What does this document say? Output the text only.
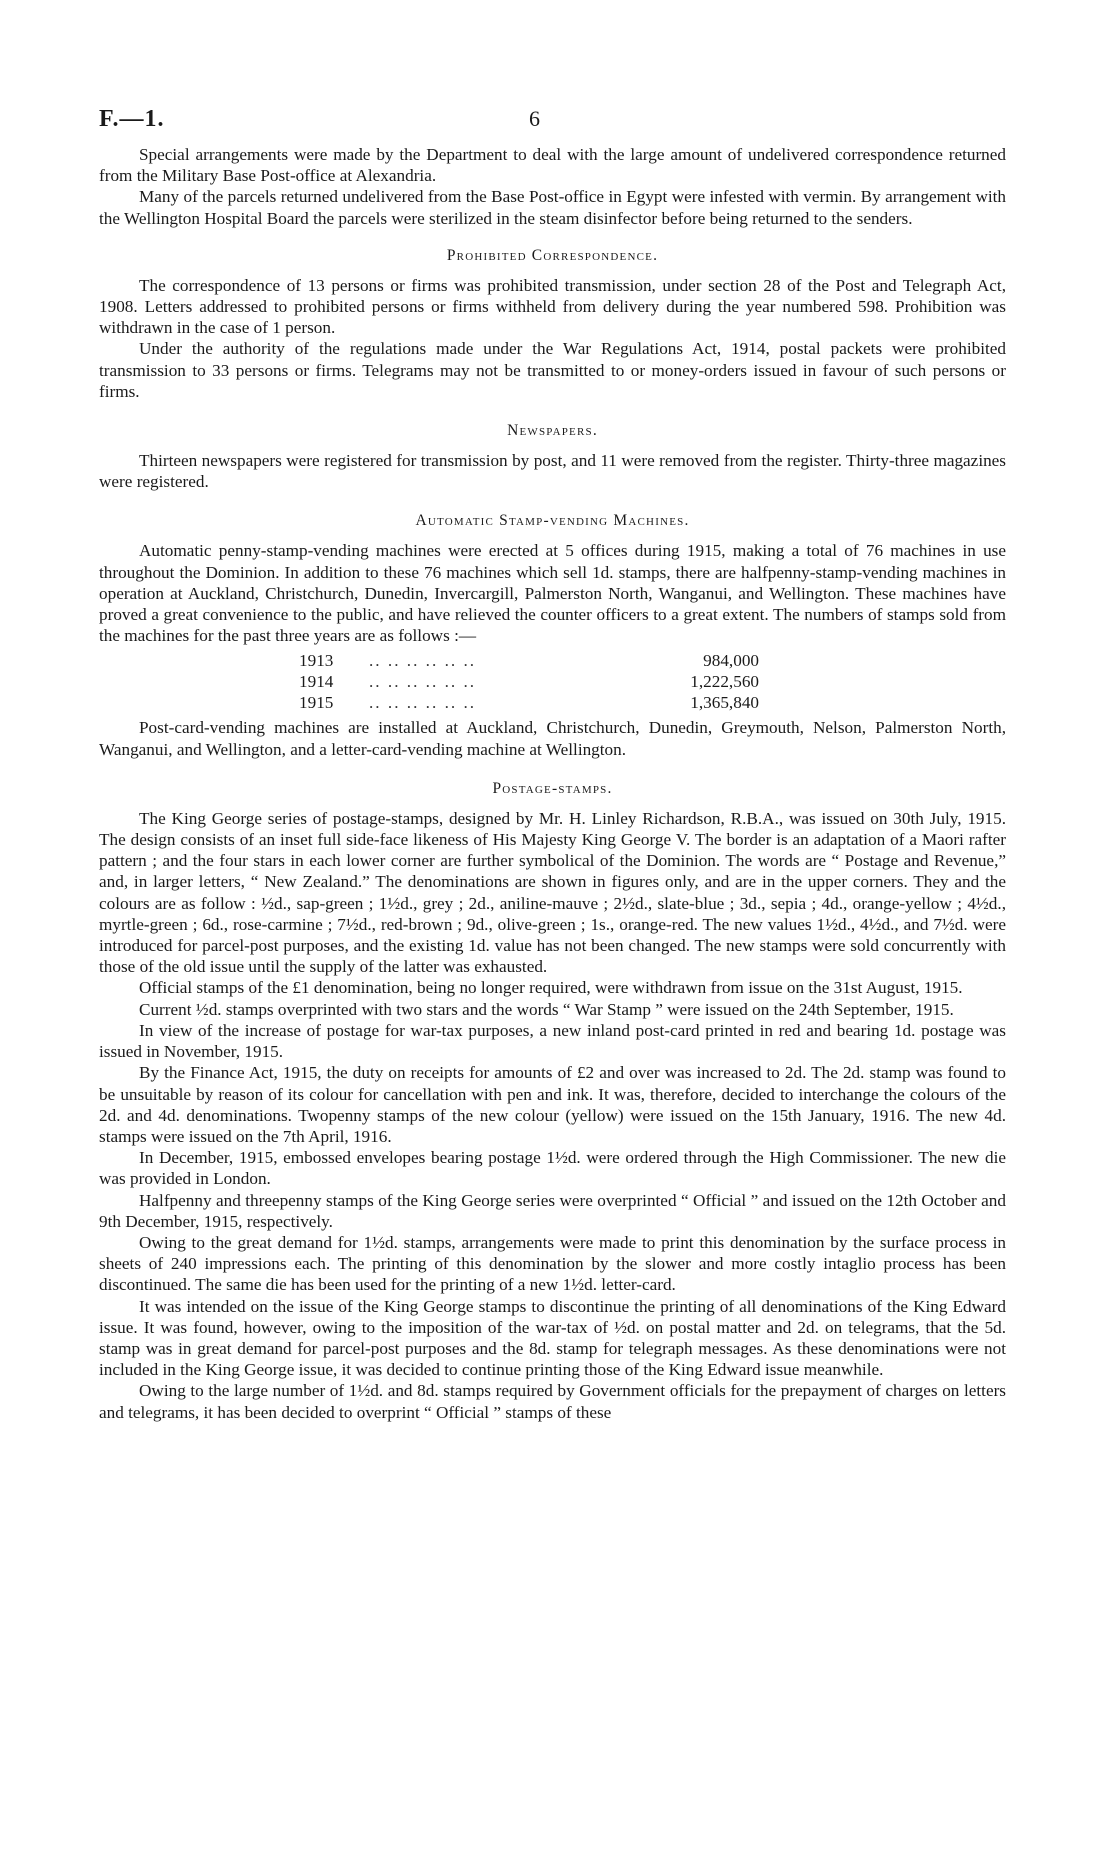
F.—1.	6

Special arrangements were made by the Department to deal with the large amount of undelivered correspondence returned from the Military Base Post-office at Alexandria.

Many of the parcels returned undelivered from the Base Post-office in Egypt were infested with vermin. By arrangement with the Wellington Hospital Board the parcels were sterilized in the steam disinfector before being returned to the senders.

Prohibited Correspondence.

The correspondence of 13 persons or firms was prohibited transmission, under section 28 of the Post and Telegraph Act, 1908. Letters addressed to prohibited persons or firms withheld from delivery during the year numbered 598. Prohibition was withdrawn in the case of 1 person.

Under the authority of the regulations made under the War Regulations Act, 1914, postal packets were prohibited transmission to 33 persons or firms. Telegrams may not be transmitted to or money-orders issued in favour of such persons or firms.

Newspapers.

Thirteen newspapers were registered for transmission by post, and 11 were removed from the register. Thirty-three magazines were registered.

Automatic Stamp-vending Machines.

Automatic penny-stamp-vending machines were erected at 5 offices during 1915, making a total of 76 machines in use throughout the Dominion. In addition to these 76 machines which sell 1d. stamps, there are halfpenny-stamp-vending machines in operation at Auckland, Christchurch, Dunedin, Invercargill, Palmerston North, Wanganui, and Wellington. These machines have proved a great convenience to the public, and have relieved the counter officers to a great extent. The numbers of stamps sold from the machines for the past three years are as follows :—

1913	.. .. .. .. .. ..	984,000
1914	.. .. .. .. .. ..	1,222,560
1915	.. .. .. .. .. ..	1,365,840

Post-card-vending machines are installed at Auckland, Christchurch, Dunedin, Greymouth, Nelson, Palmerston North, Wanganui, and Wellington, and a letter-card-vending machine at Wellington.

Postage-stamps.

The King George series of postage-stamps, designed by Mr. H. Linley Richardson, R.B.A., was issued on 30th July, 1915. The design consists of an inset full side-face likeness of His Majesty King George V. The border is an adaptation of a Maori rafter pattern ; and the four stars in each lower corner are further symbolical of the Dominion. The words are “ Postage and Revenue,” and, in larger letters, “ New Zealand.” The denominations are shown in figures only, and are in the upper corners. They and the colours are as follow : ½d., sap-green ; 1½d., grey ; 2d., aniline-mauve ; 2½d., slate-blue ; 3d., sepia ; 4d., orange-yellow ; 4½d., myrtle-green ; 6d., rose-carmine ; 7½d., red-brown ; 9d., olive-green ; 1s., orange-red. The new values 1½d., 4½d., and 7½d. were introduced for parcel-post purposes, and the existing 1d. value has not been changed. The new stamps were sold concurrently with those of the old issue until the supply of the latter was exhausted.

Official stamps of the £1 denomination, being no longer required, were withdrawn from issue on the 31st August, 1915.

Current ½d. stamps overprinted with two stars and the words “ War Stamp ” were issued on the 24th September, 1915.

In view of the increase of postage for war-tax purposes, a new inland post-card printed in red and bearing 1d. postage was issued in November, 1915.

By the Finance Act, 1915, the duty on receipts for amounts of £2 and over was increased to 2d. The 2d. stamp was found to be unsuitable by reason of its colour for cancellation with pen and ink. It was, therefore, decided to interchange the colours of the 2d. and 4d. denominations. Twopenny stamps of the new colour (yellow) were issued on the 15th January, 1916. The new 4d. stamps were issued on the 7th April, 1916.

In December, 1915, embossed envelopes bearing postage 1½d. were ordered through the High Commissioner. The new die was provided in London.

Halfpenny and threepenny stamps of the King George series were overprinted “ Official ” and issued on the 12th October and 9th December, 1915, respectively.

Owing to the great demand for 1½d. stamps, arrangements were made to print this denomination by the surface process in sheets of 240 impressions each. The printing of this denomination by the slower and more costly intaglio process has been discontinued. The same die has been used for the printing of a new 1½d. letter-card.

It was intended on the issue of the King George stamps to discontinue the printing of all denominations of the King Edward issue. It was found, however, owing to the imposition of the war-tax of ½d. on postal matter and 2d. on telegrams, that the 5d. stamp was in great demand for parcel-post purposes and the 8d. stamp for telegraph messages. As these denominations were not included in the King George issue, it was decided to continue printing those of the King Edward issue meanwhile.

Owing to the large number of 1½d. and 8d. stamps required by Government officials for the prepayment of charges on letters and telegrams, it has been decided to overprint “ Official ” stamps of these
